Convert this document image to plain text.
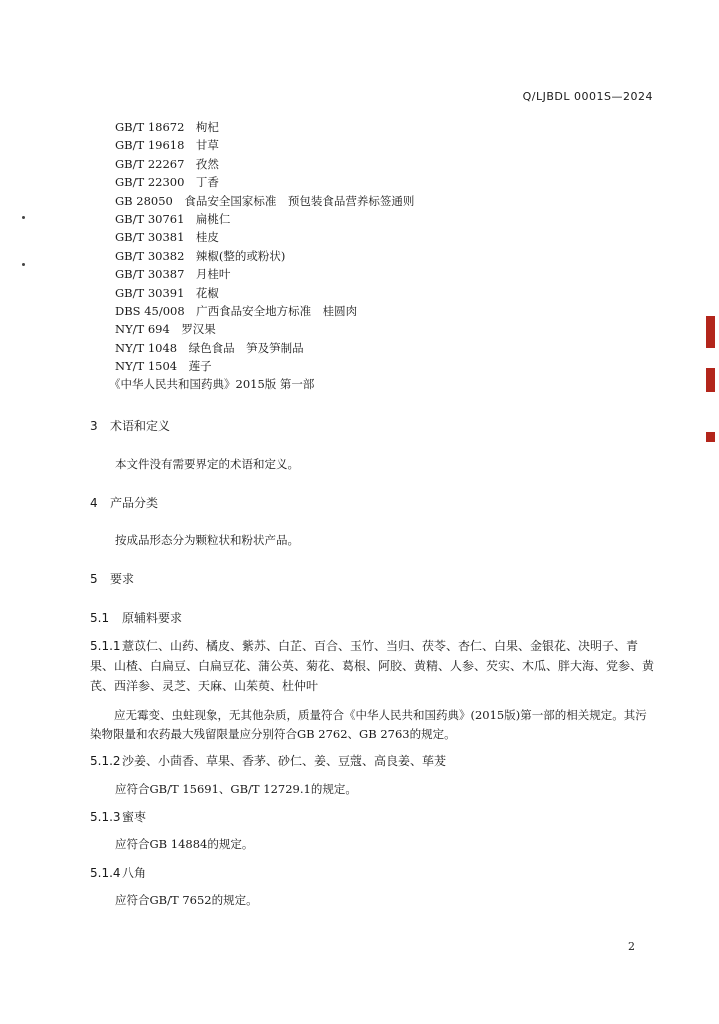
Q/LJBDL 0001S—2024
GB/T 18672　 枸杞
GB/T 19618　 甘草
GB/T 22267　 孜然
GB/T 22300　 丁香
GB 28050　 食品安全国家标准　预包装食品营养标签通则
GB/T 30761　 扁桃仁
GB/T 30381　 桂皮
GB/T 30382　 辣椒(整的或粉状)
GB/T 30387　 月桂叶
GB/T 30391　 花椒
DBS 45/008　 广西食品安全地方标准　桂圆肉
NY/T 694　 罗汉果
NY/T 1048　 绿色食品　笋及笋制品
NY/T 1504　 莲子
《中华人民共和国药典》2015版 第一部
3 术语和定义
本文件没有需要界定的术语和定义。
4 产品分类
按成品形态分为颗粒状和粉状产品。
5 要求
5.1 原辅料要求
5.1.1薏苡仁、山药、橘皮、紫苏、白芷、百合、玉竹、当归、茯苓、杏仁、白果、金银花、决明子、青果、山楂、白扁豆、白扁豆花、蒲公英、菊花、葛根、阿胶、黄精、人参、芡实、木瓜、胖大海、党参、黄芪、西洋参、灵芝、天麻、山茱萸、杜仲叶
应无霉变、虫蛀现象，无其他杂质，质量符合《中华人民共和国药典》(2015版)第一部的相关规定。其污染物限量和农药最大残留限量应分别符合GB 2762、GB 2763的规定。
5.1.2沙姜、小茴香、草果、香茅、砂仁、姜、豆蔻、高良姜、荜茇
应符合GB/T 15691、GB/T 12729.1的规定。
5.1.3蜜枣
应符合GB 14884的规定。
5.1.4八角
应符合GB/T 7652的规定。
2
